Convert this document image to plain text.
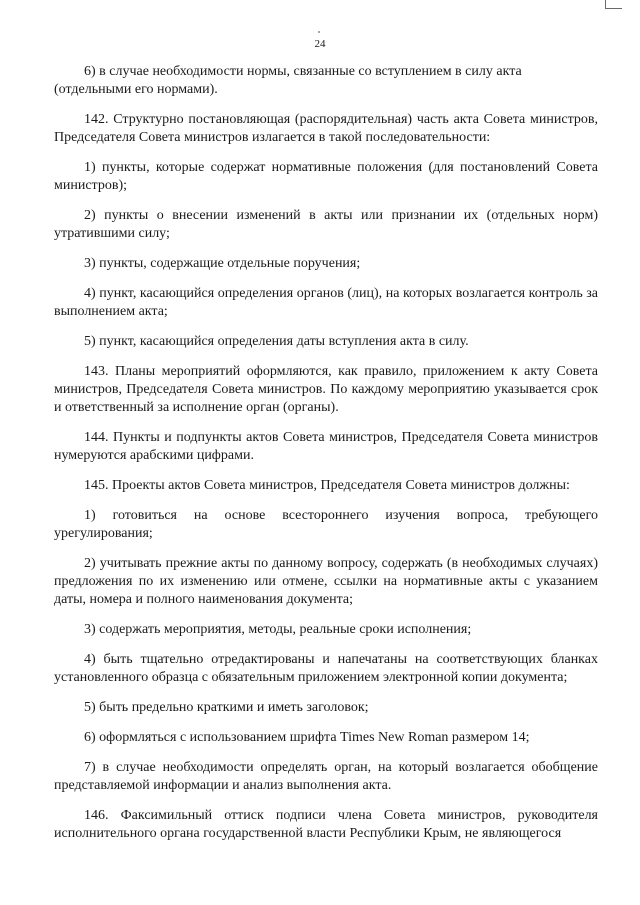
24

6) в случае необходимости нормы, связанные со вступлением в силу акта
(отдельными его нормами).

142. Структурно постановляющая (распорядительная) часть акта Совета министров, Председателя Совета министров излагается в такой последовательности:

1) пункты, которые содержат нормативные положения (для постановлений Совета министров);

2) пункты о внесении изменений в акты или признании их (отдельных норм) утратившими силу;

3) пункты, содержащие отдельные поручения;

4) пункт, касающийся определения органов (лиц), на которых возлагается контроль за выполнением акта;

5) пункт, касающийся определения даты вступления акта в силу.

143. Планы мероприятий оформляются, как правило, приложением к акту Совета министров, Председателя Совета министров. По каждому мероприятию указывается срок и ответственный за исполнение орган (органы).

144. Пункты и подпункты актов Совета министров, Председателя Совета министров нумеруются арабскими цифрами.

145. Проекты актов Совета министров, Председателя Совета министров должны:

1) готовиться на основе всестороннего изучения вопроса, требующего урегулирования;

2) учитывать прежние акты по данному вопросу, содержать (в необходимых случаях) предложения по их изменению или отмене, ссылки на нормативные акты с указанием даты, номера и полного наименования документа;

3) содержать мероприятия, методы, реальные сроки исполнения;

4) быть тщательно отредактированы и напечатаны на соответствующих бланках установленного образца с обязательным приложением электронной копии документа;

5) быть предельно краткими и иметь заголовок;

6) оформляться с использованием шрифта Times New Roman размером 14;

7) в случае необходимости определять орган, на который возлагается обобщение представляемой информации и анализ выполнения акта.

146. Факсимильный оттиск подписи члена Совета министров, руководителя исполнительного органа государственной власти Республики Крым, не являющегося
